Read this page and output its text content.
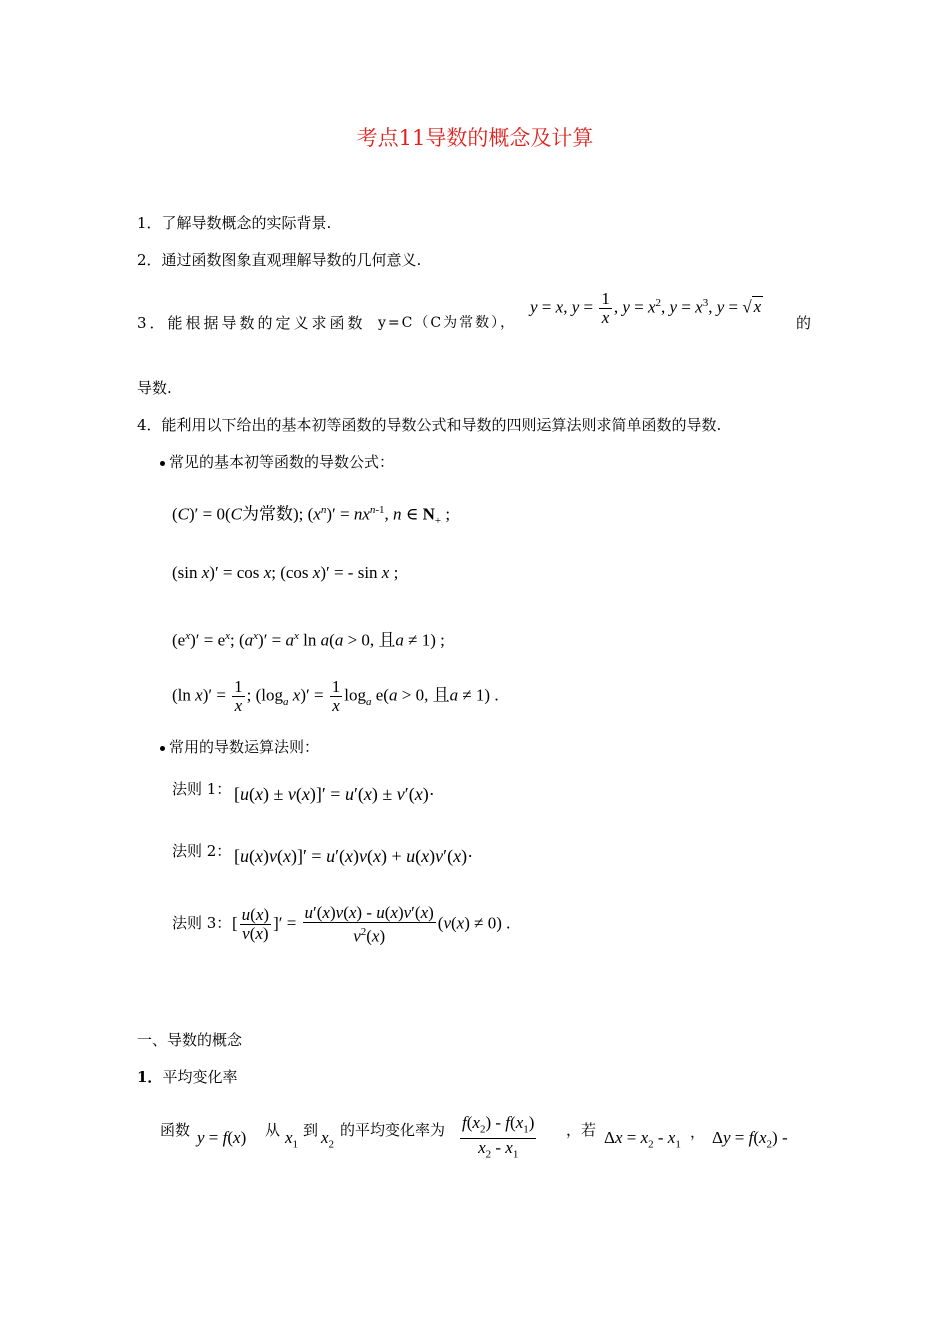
考点11导数的概念及计算
1．了解导数概念的实际背景.
2．通过函数图象直观理解导数的几何意义.
3．能根据导数的定义求函数 y=C（C为常数），
y = x, $y = \frac{1}{x}$ , $y = x^2$, $y = x^3$, y = √ x
的
导数.
4．能利用以下给出的基本初等函数的导数公式和导数的四则运算法则求简单函数的导数.
常见的基本初等函数的导数公式：
(C)′ = 0(C为常数); $(x^n)' = nx^{n-1}$, n ∈ $N_+$ ;
(sin x)′ = cos x; (cos x)′ = - sin x ;
$(e^x)' = e^x$; $(a^x)' = a^x$ ln a(a > 0, 且a ≠ 1) ;
(ln $x)' = \frac{1}{x}$ ; ($\log_a$ $x)' = \frac{1}{x} \log_a e(a > 0$, 且a ≠ 1) .
常用的导数运算法则：
法则 1： [u(x) ± v(x)]′ = u′(x) ± v′(x)·
法则 2： [u(x)v(x)]′ = u′(x)v(x) + u(x)v′(x)·
法则 3： [ $\frac{u(x)}{v(x)}$ ]′ = $\frac{u'(x)v(x) - u(x)v'(x)}{v^2(x)} (v(x) \ne 0)$ .
一、导数的概念
1．平均变化率
函数 y = f(x) 从 $x_1$
到 $x_2$
的平均变化率为 $\frac{f(x_2) - f(x_1)}{x_2 - x_1}$ ，若 $\Delta x = x_2 - x_1$
， $\Delta y = f(x_2)$ -
